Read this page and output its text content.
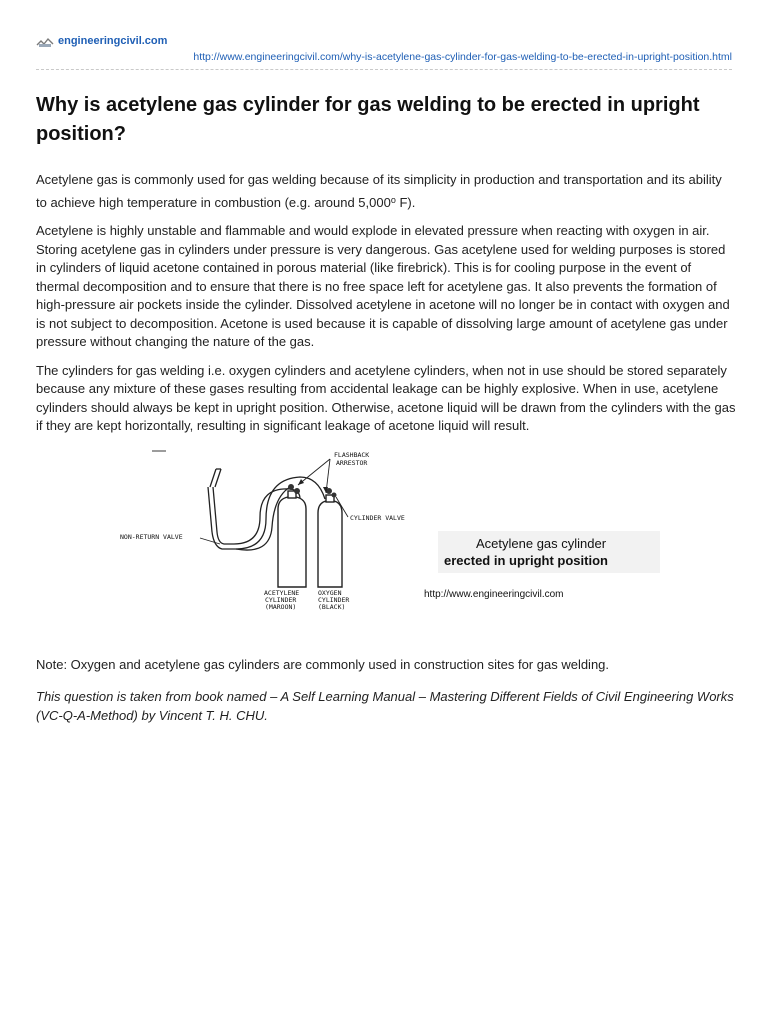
engineeringcivil.com
http://www.engineeringcivil.com/why-is-acetylene-gas-cylinder-for-gas-welding-to-be-erected-in-upright-position.html
Why is acetylene gas cylinder for gas welding to be erected in upright position?

Acetylene gas is commonly used for gas welding because of its simplicity in production and transportation and its ability to achieve high temperature in combustion (e.g. around 5,000$^o$ F).

Acetylene is highly unstable and flammable and would explode in elevated pressure when reacting with oxygen in air. Storing acetylene gas in cylinders under pressure is very dangerous. Gas acetylene used for welding purposes is stored in cylinders of liquid acetone contained in porous material (like firebrick). This is for cooling purpose in the event of thermal decomposition and to ensure that there is no free space left for acetylene gas. It also prevents the formation of high-pressure air pockets inside the cylinder. Dissolved acetylene in acetone will no longer be in contact with oxygen and is not subject to decomposition. Acetone is used because it is capable of dissolving large amount of acetylene gas under pressure without changing the nature of the gas.

The cylinders for gas welding i.e. oxygen cylinders and acetylene cylinders, when not in use should be stored separately because any mixture of these gases resulting from accidental leakage can be highly explosive. When in use, acetylene cylinders should always be kept in upright position. Otherwise, acetone liquid will be drawn from the cylinders with the gas if they are kept horizontally, resulting in significant leakage of acetone liquid will result.

FLASHBACK
ARRESTOR
CYLINDER VALVE
NON-RETURN VALVE
ACETYLENE
CYLINDER
(MAROON)
OXYGEN
CYLINDER
(BLACK)
Acetylene gas cylinder
erected in upright position
http://www.engineeringcivil.com

Note: Oxygen and acetylene gas cylinders are commonly used in construction sites for gas welding.

This question is taken from book named – A Self Learning Manual – Mastering Different Fields of Civil Engineering Works (VC-Q-A-Method) by Vincent T. H. CHU.
